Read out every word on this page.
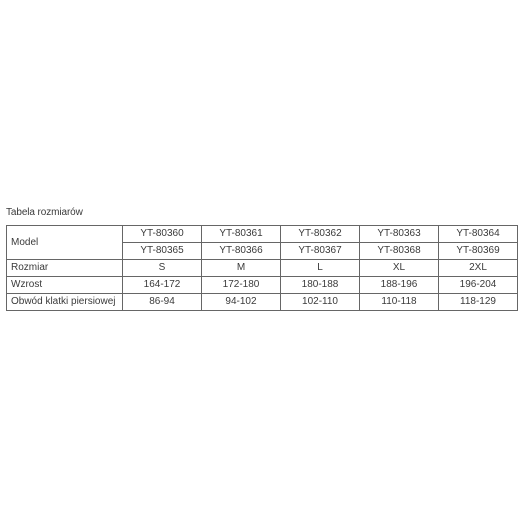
Tabela rozmiarów
Model	YT-80360	YT-80361	YT-80362	YT-80363	YT-80364
	YT-80365	YT-80366	YT-80367	YT-80368	YT-80369
Rozmiar	S	M	L	XL	2XL
Wzrost	164-172	172-180	180-188	188-196	196-204
Obwód klatki piersiowej	86-94	94-102	102-110	110-118	118-129
